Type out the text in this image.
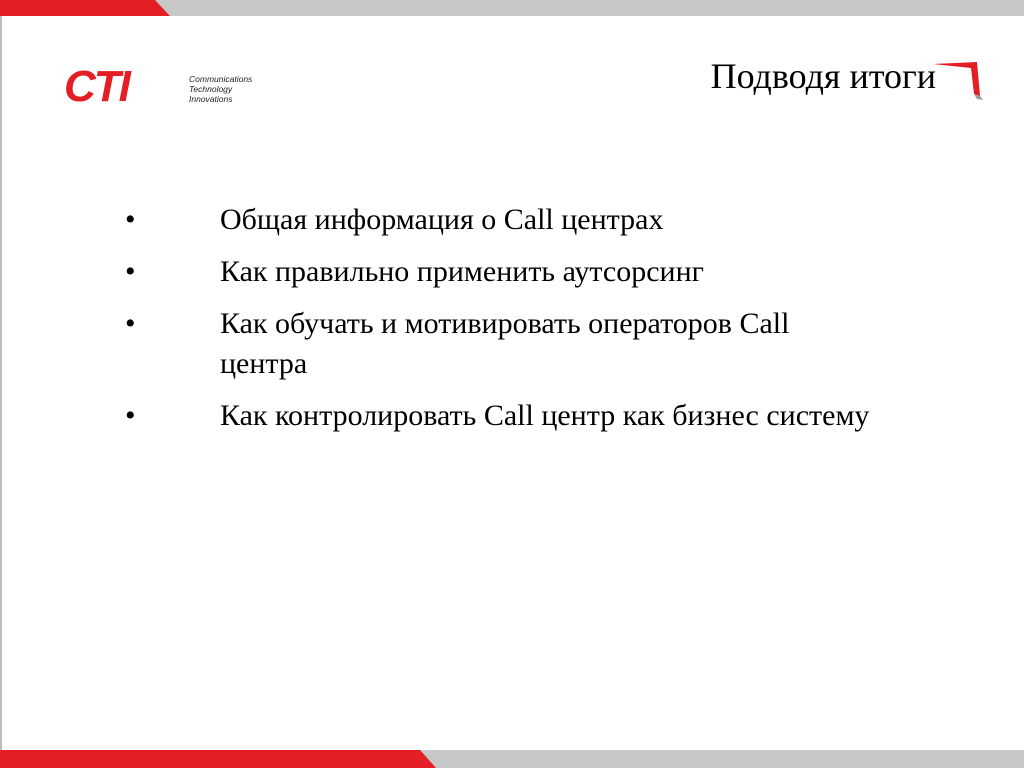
CTI	Communications
Technology
Innovations
Подводя итоги
•	Общая информация о Call центрах
•	Как правильно применить аутсорсинг
•	Как обучать и мотивировать операторов Call центра
•	Как контролировать Call центр как бизнес систему
